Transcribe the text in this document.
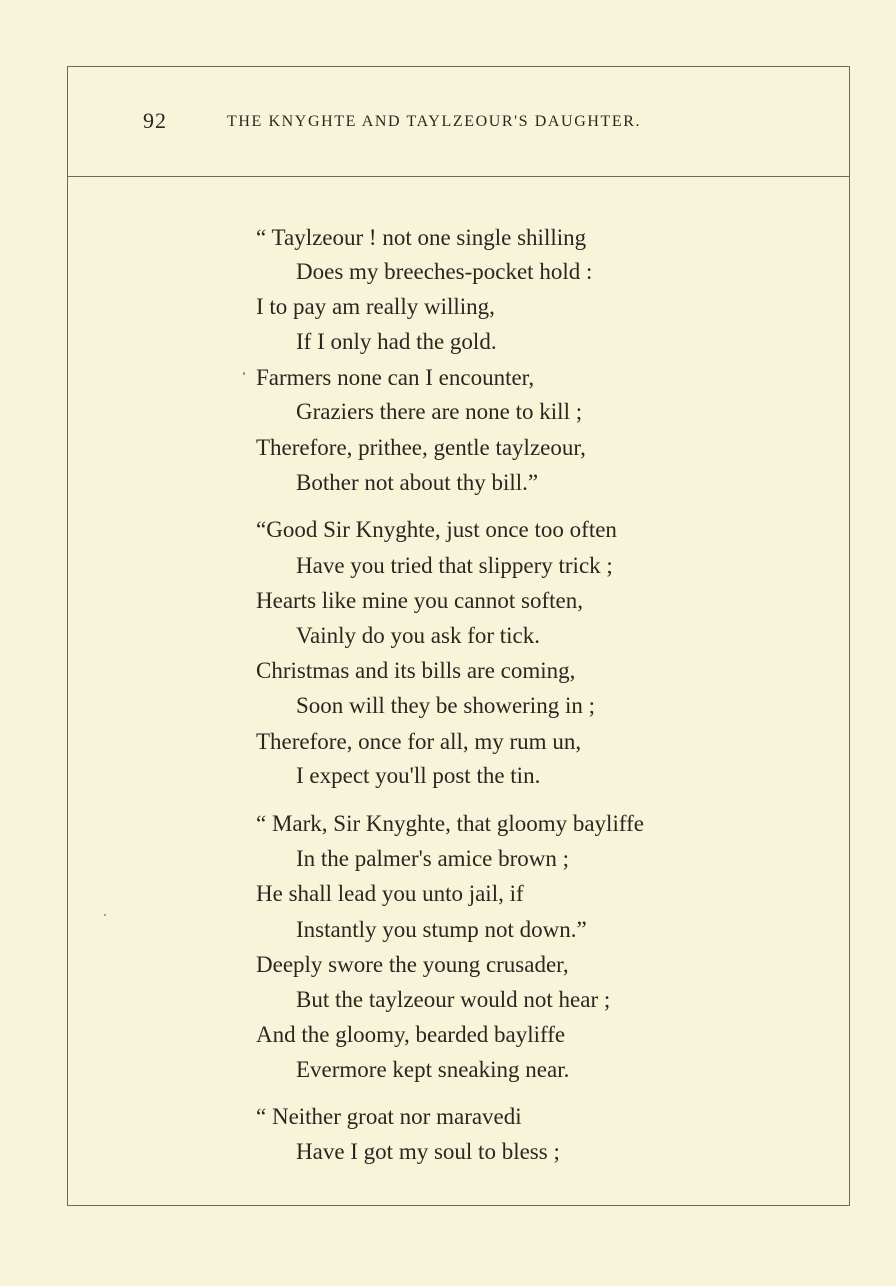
92	THE KNYGHTE AND TAYLZEOUR'S DAUGHTER.
“ Taylzeour ! not one single shilling
Does my breeches-pocket hold :
I to pay am really willing,
If I only had the gold.
Farmers none can I encounter,
Graziers there are none to kill ;
Therefore, prithee, gentle taylzeour,
Bother not about thy bill.”
“Good Sir Knyghte, just once too often
Have you tried that slippery trick ;
Hearts like mine you cannot soften,
Vainly do you ask for tick.
Christmas and its bills are coming,
Soon will they be showering in ;
Therefore, once for all, my rum un,
I expect you'll post the tin.
“ Mark, Sir Knyghte, that gloomy bayliffe
In the palmer's amice brown ;
He shall lead you unto jail, if
Instantly you stump not down.”
Deeply swore the young crusader,
But the taylzeour would not hear ;
And the gloomy, bearded bayliffe
Evermore kept sneaking near.
“ Neither groat nor maravedi
Have I got my soul to bless ;
